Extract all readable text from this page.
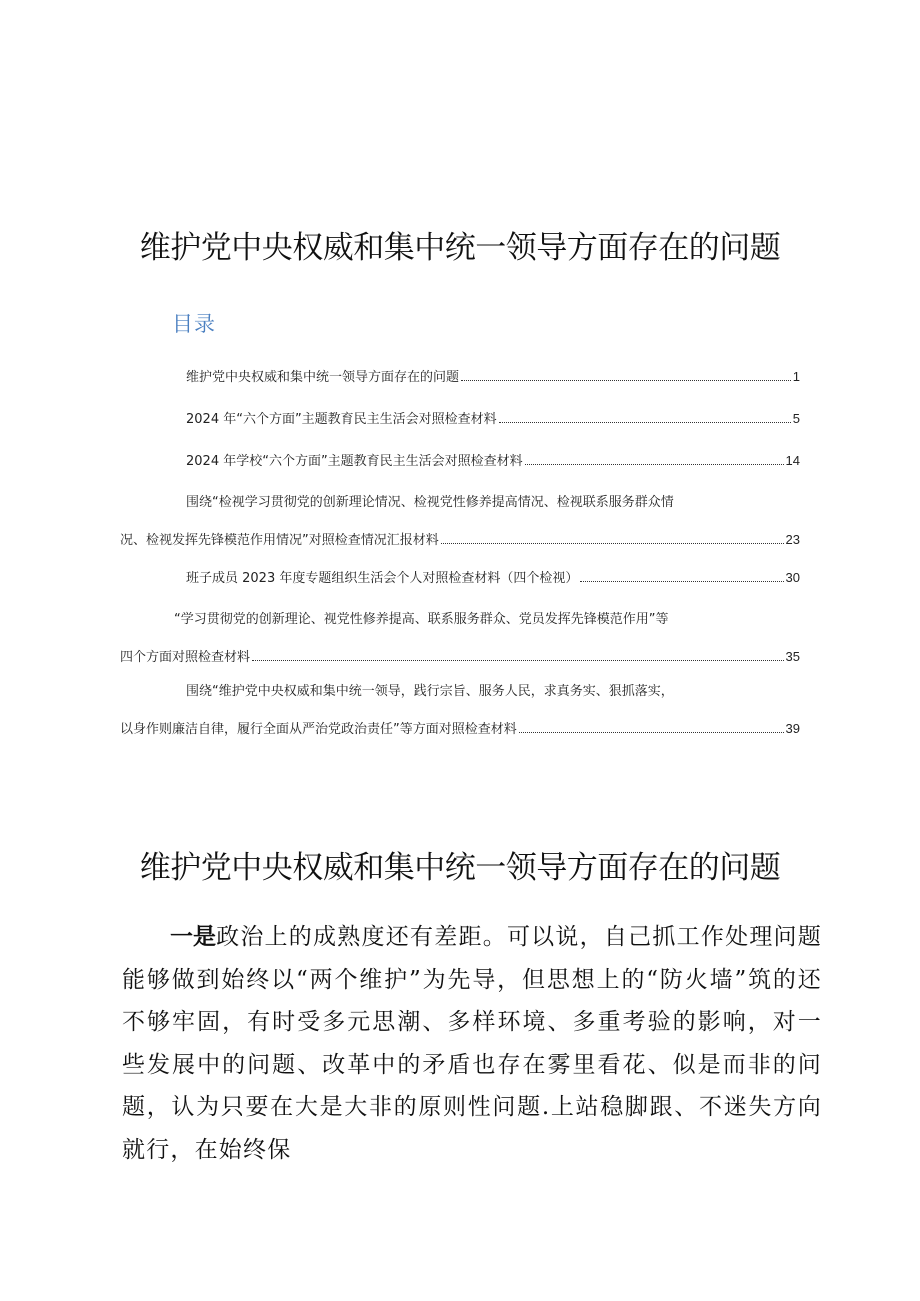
维护党中央权威和集中统一领导方面存在的问题
目录
维护党中央权威和集中统一领导方面存在的问题	1
2024 年“六个方面”主题教育民主生活会对照检查材料	5
2024 年学校“六个方面”主题教育民主生活会对照检查材料	14
围绕“检视学习贯彻党的创新理论情况、检视党性修养提高情况、检视联系服务群众情
况、检视发挥先锋模范作用情况”对照检查情况汇报材料	23
班子成员 2023 年度专题组织生活会个人对照检查材料（四个检视）	30
“学习贯彻党的创新理论、视党性修养提高、联系服务群众、党员发挥先锋模范作用”等
四个方面对照检查材料	35
围绕“维护党中央权威和集中统一领导，践行宗旨、服务人民，求真务实、狠抓落实，
以身作则廉洁自律，履行全面从严治党政治责任”等方面对照检查材料	39
维护党中央权威和集中统一领导方面存在的问题
一是政治上的成熟度还有差距。可以说，自己抓工作处理问题能够做到始终以“两个维护”为先导，但思想上的“防火墙”筑的还不够牢固，有时受多元思潮、多样环境、多重考验的影响，对一些发展中的问题、改革中的矛盾也存在雾里看花、似是而非的问题，认为只要在大是大非的原则性问题.上站稳脚跟、不迷失方向就行，在始终保
